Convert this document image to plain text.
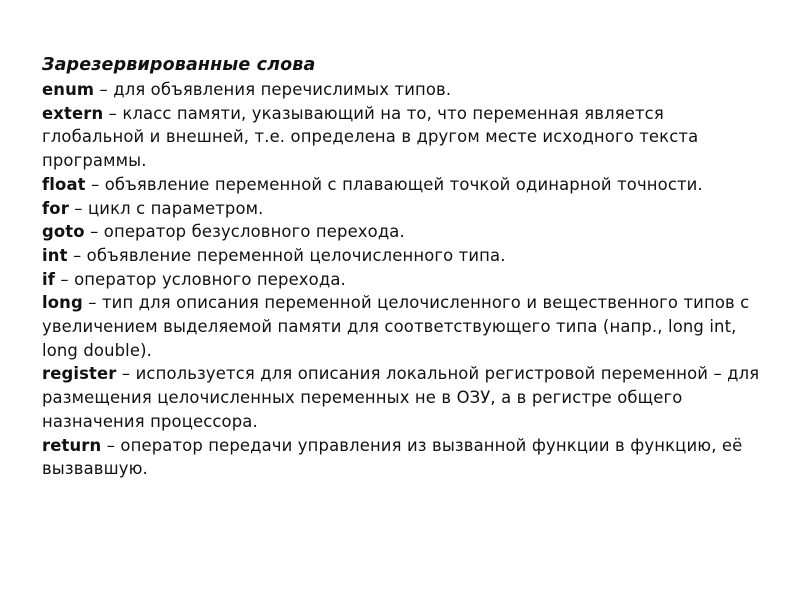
Зарезервированные слова

enum – для объявления перечислимых типов.

extern – класс памяти, указывающий на то, что переменная является глобальной и внешней, т.е. определена в другом месте исходного текста программы.

float – объявление переменной с плавающей точкой одинарной точности.

for – цикл с параметром.

goto – оператор безусловного перехода.

int – объявление переменной целочисленного типа.

if – оператор условного перехода.

long – тип для описания переменной целочисленного и вещественного типов с увеличением выделяемой памяти для соответствующего типа (напр., long int, long double).

register – используется для описания локальной регистровой переменной – для размещения целочисленных переменных не в ОЗУ, а в регистре общего назначения процессора.

return – оператор передачи управления из вызванной функции в функцию, её вызвавшую.
